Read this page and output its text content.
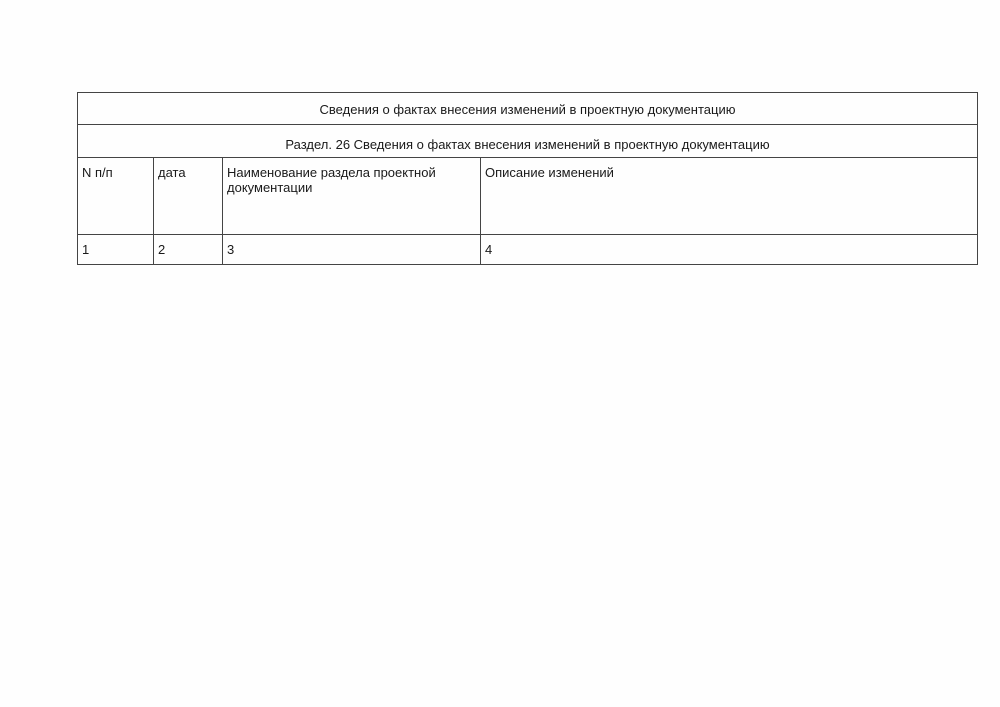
Сведения о фактах внесения изменений в проектную документацию			
Раздел. 26 Сведения о фактах внесения изменений в проектную документацию			

N п/п	дата	Наименование раздела проектной документации	Описание изменений

1	2	3	4
